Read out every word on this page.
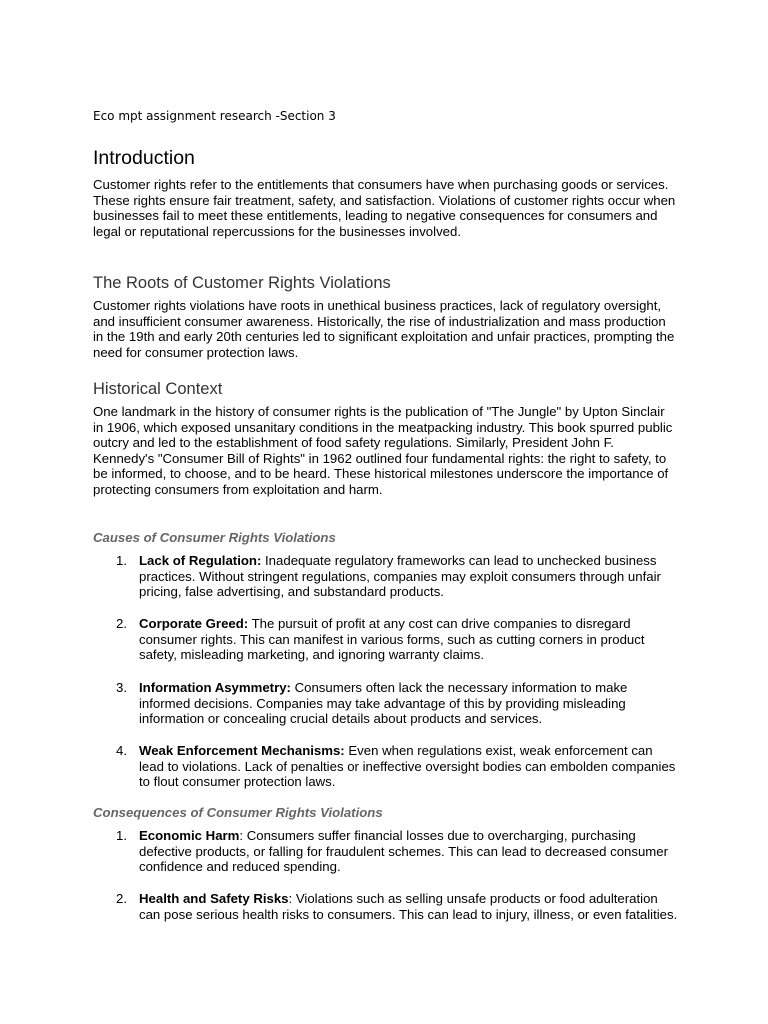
Eco mpt assignment research -Section 3
Introduction

Customer rights refer to the entitlements that consumers have when purchasing goods or services. These rights ensure fair treatment, safety, and satisfaction. Violations of customer rights occur when businesses fail to meet these entitlements, leading to negative consequences for consumers and legal or reputational repercussions for the businesses involved.

The Roots of Customer Rights Violations

Customer rights violations have roots in unethical business practices, lack of regulatory oversight, and insufficient consumer awareness. Historically, the rise of industrialization and mass production in the 19th and early 20th centuries led to significant exploitation and unfair practices, prompting the need for consumer protection laws.

Historical Context

One landmark in the history of consumer rights is the publication of "The Jungle" by Upton Sinclair in 1906, which exposed unsanitary conditions in the meatpacking industry. This book spurred public outcry and led to the establishment of food safety regulations. Similarly, President John F. Kennedy's "Consumer Bill of Rights" in 1962 outlined four fundamental rights: the right to safety, to be informed, to choose, and to be heard. These historical milestones underscore the importance of protecting consumers from exploitation and harm.

Causes of Consumer Rights Violations
1. Lack of Regulation: Inadequate regulatory frameworks can lead to unchecked business practices. Without stringent regulations, companies may exploit consumers through unfair pricing, false advertising, and substandard products.
2. Corporate Greed: The pursuit of profit at any cost can drive companies to disregard consumer rights. This can manifest in various forms, such as cutting corners in product safety, misleading marketing, and ignoring warranty claims.
3. Information Asymmetry: Consumers often lack the necessary information to make informed decisions. Companies may take advantage of this by providing misleading information or concealing crucial details about products and services.
4. Weak Enforcement Mechanisms: Even when regulations exist, weak enforcement can lead to violations. Lack of penalties or ineffective oversight bodies can embolden companies to flout consumer protection laws.
Consequences of Consumer Rights Violations
1. Economic Harm: Consumers suffer financial losses due to overcharging, purchasing defective products, or falling for fraudulent schemes. This can lead to decreased consumer confidence and reduced spending.
2. Health and Safety Risks: Violations such as selling unsafe products or food adulteration can pose serious health risks to consumers. This can lead to injury, illness, or even fatalities.
